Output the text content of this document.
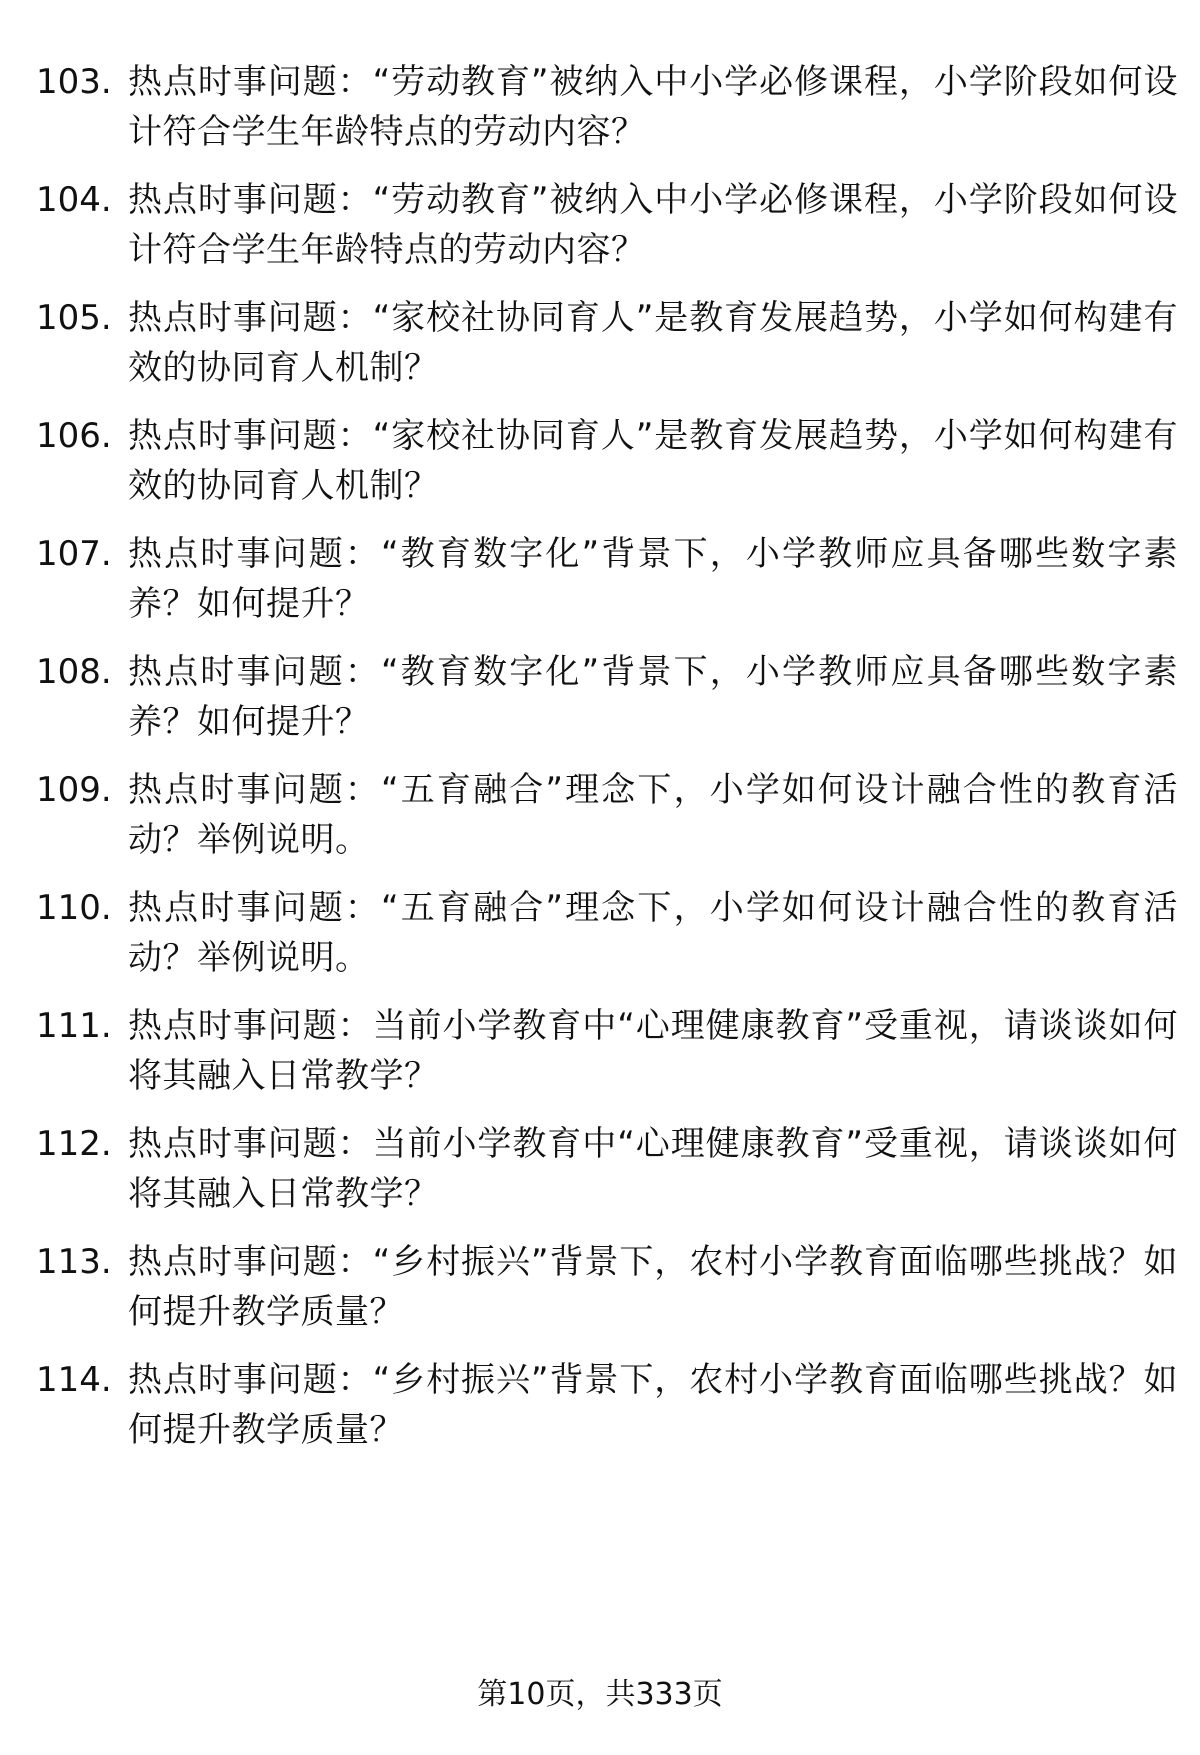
103. 热点时事问题：“劳动教育”被纳入中小学必修课程，小学阶段如何设计符合学生年龄特点的劳动内容？
104. 热点时事问题：“劳动教育”被纳入中小学必修课程，小学阶段如何设计符合学生年龄特点的劳动内容？
105. 热点时事问题：“家校社协同育人”是教育发展趋势，小学如何构建有效的协同育人机制？
106. 热点时事问题：“家校社协同育人”是教育发展趋势，小学如何构建有效的协同育人机制？
107. 热点时事问题：“教育数字化”背景下，小学教师应具备哪些数字素养？如何提升？
108. 热点时事问题：“教育数字化”背景下，小学教师应具备哪些数字素养？如何提升？
109. 热点时事问题：“五育融合”理念下，小学如何设计融合性的教育活动？举例说明。
110. 热点时事问题：“五育融合”理念下，小学如何设计融合性的教育活动？举例说明。
111. 热点时事问题：当前小学教育中“心理健康教育”受重视，请谈谈如何将其融入日常教学？
112. 热点时事问题：当前小学教育中“心理健康教育”受重视，请谈谈如何将其融入日常教学？
113. 热点时事问题：“乡村振兴”背景下，农村小学教育面临哪些挑战？如何提升教学质量？
114. 热点时事问题：“乡村振兴”背景下，农村小学教育面临哪些挑战？如何提升教学质量？
第10页，共333页
